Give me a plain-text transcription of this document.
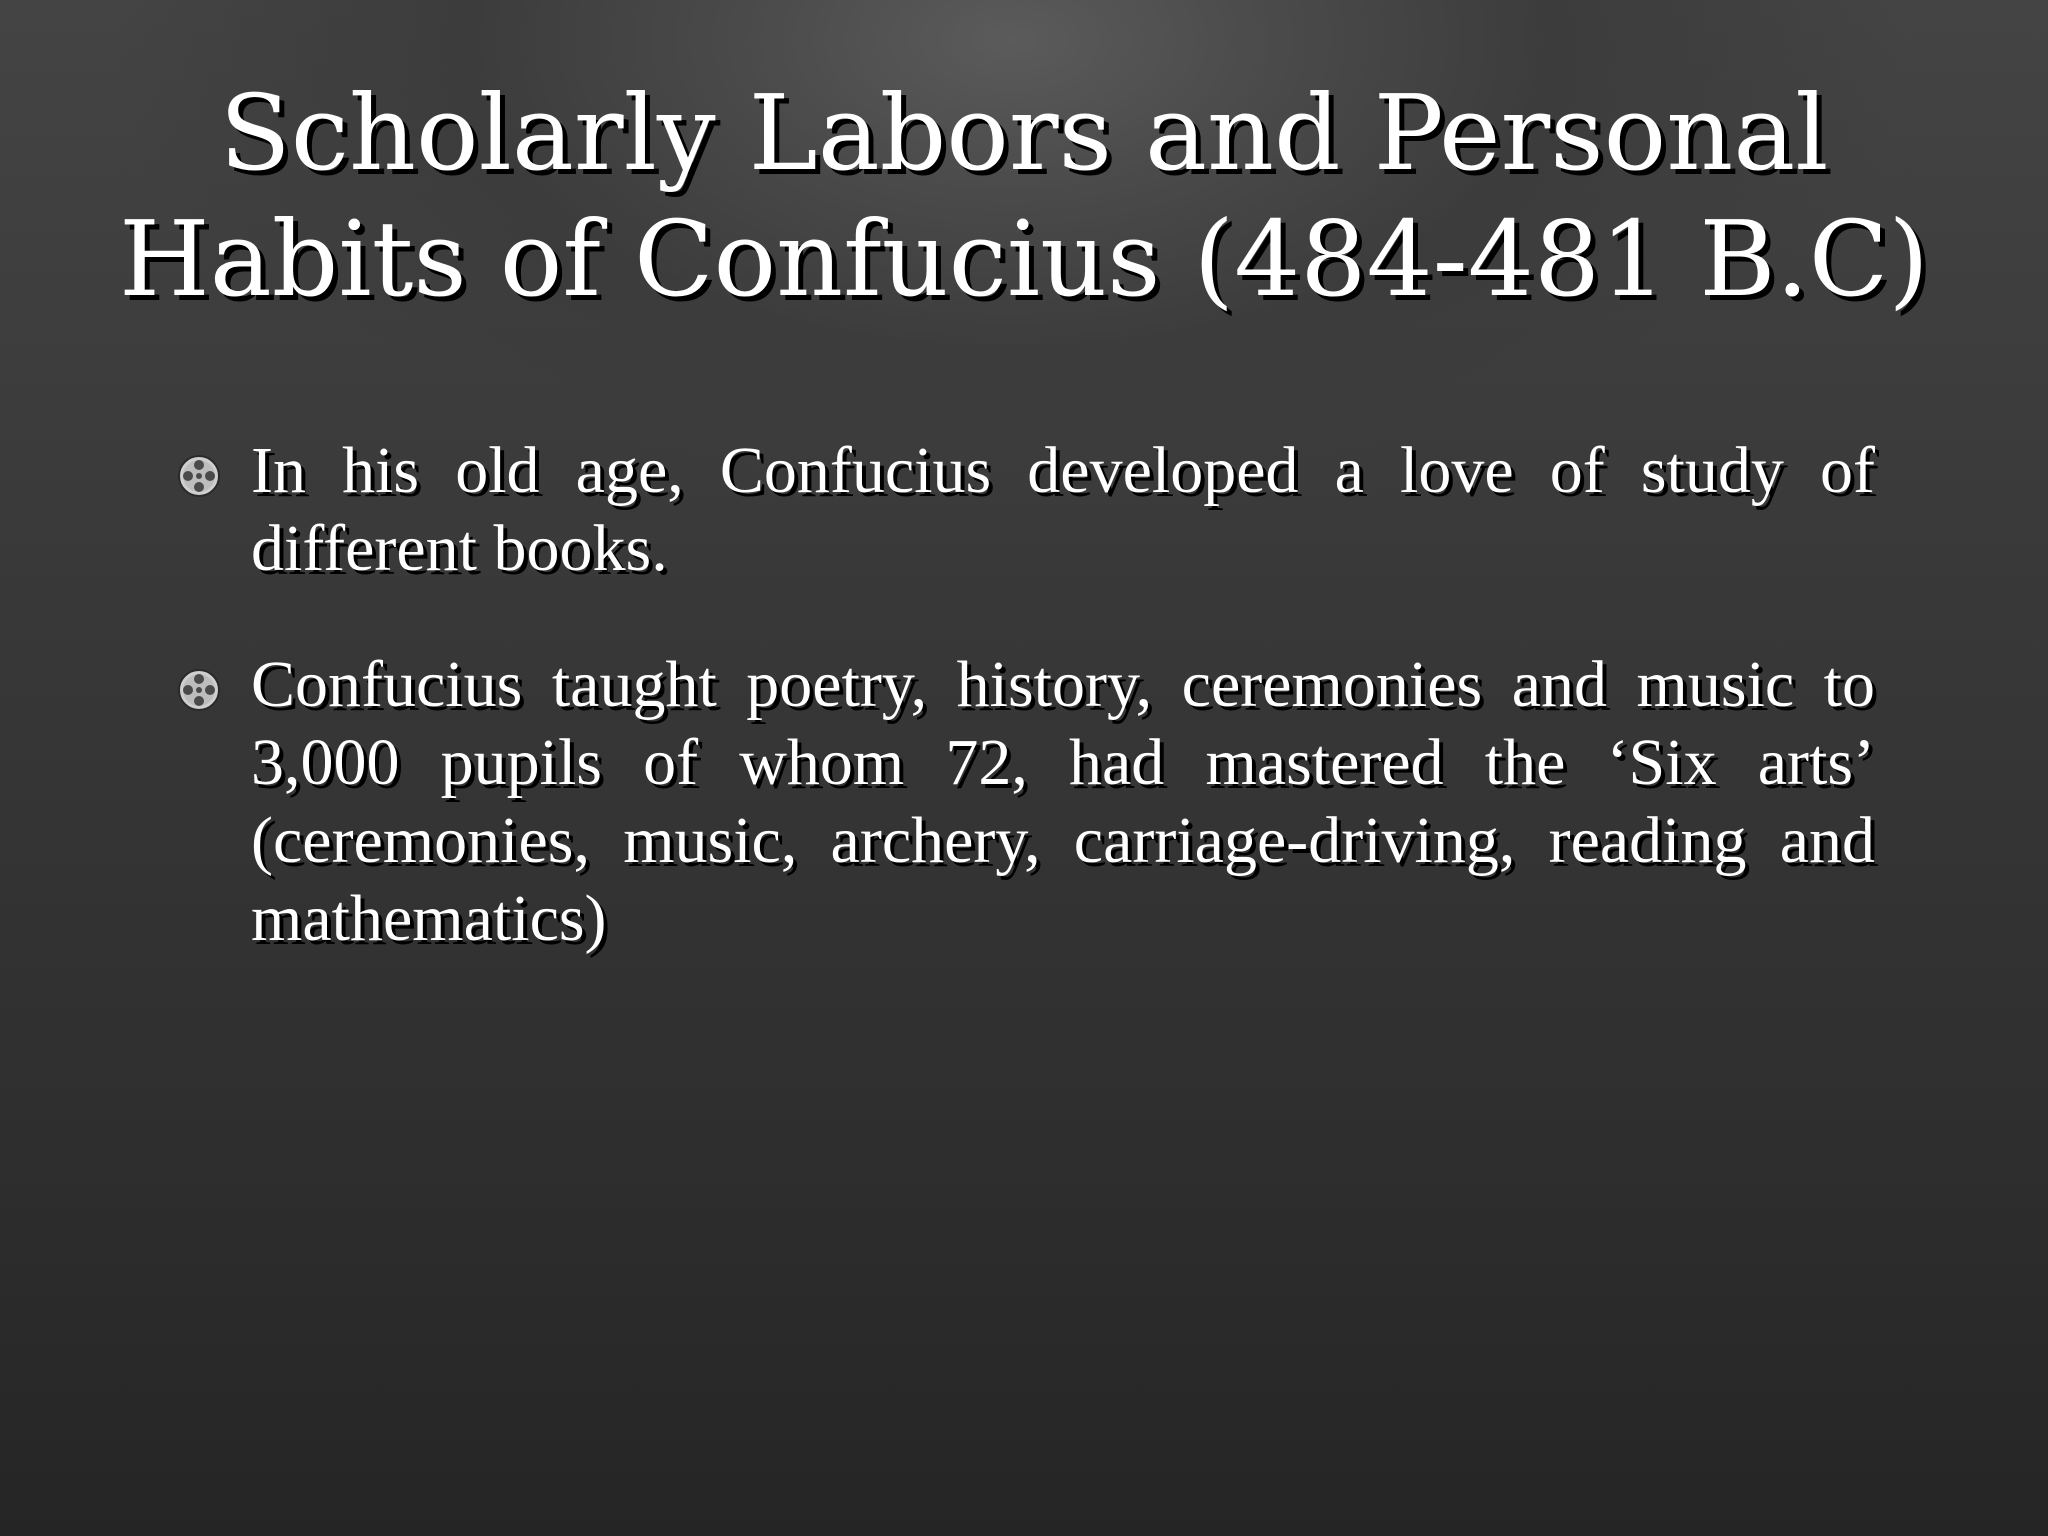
Scholarly Labors and Personal
Habits of Confucius (484-481 B.C)
In his old age, Confucius developed a love of study of different books.
Confucius taught poetry, history, ceremonies and music to 3,000 pupils of whom 72, had mastered the ‘Six arts’ (ceremonies, music, archery, carriage-driving, reading and mathematics)
